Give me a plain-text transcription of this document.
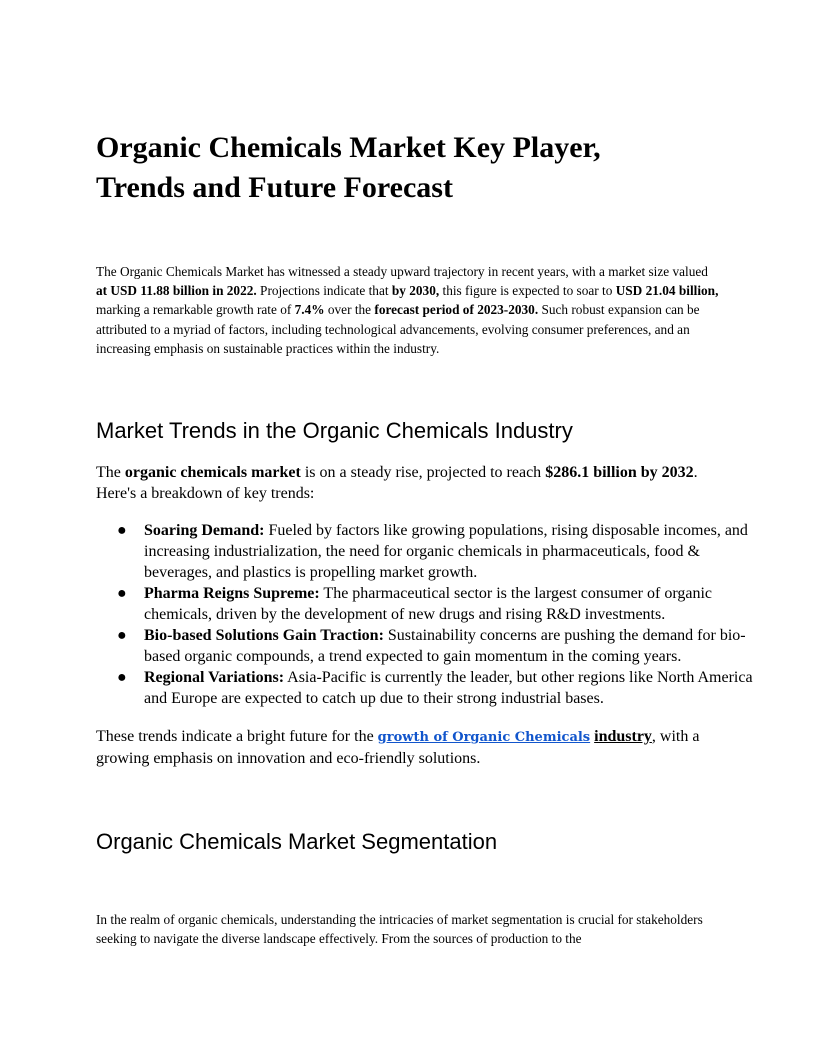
Organic Chemicals Market Key Player,
Trends and Future Forecast

The Organic Chemicals Market has witnessed a steady upward trajectory in recent years, with a market size valued at USD 11.88 billion in 2022. Projections indicate that by 2030, this figure is expected to soar to USD 21.04 billion, marking a remarkable growth rate of 7.4% over the forecast period of 2023-2030. Such robust expansion can be attributed to a myriad of factors, including technological advancements, evolving consumer preferences, and an increasing emphasis on sustainable practices within the industry.

Market Trends in the Organic Chemicals Industry

The organic chemicals market is on a steady rise, projected to reach $286.1 billion by 2032. Here's a breakdown of key trends:

● Soaring Demand: Fueled by factors like growing populations, rising disposable incomes, and increasing industrialization, the need for organic chemicals in pharmaceuticals, food & beverages, and plastics is propelling market growth.
● Pharma Reigns Supreme: The pharmaceutical sector is the largest consumer of organic chemicals, driven by the development of new drugs and rising R&D investments.
● Bio-based Solutions Gain Traction: Sustainability concerns are pushing the demand for bio-based organic compounds, a trend expected to gain momentum in the coming years.
● Regional Variations: Asia-Pacific is currently the leader, but other regions like North America and Europe are expected to catch up due to their strong industrial bases.

These trends indicate a bright future for the growth of Organic Chemicals industry, with a growing emphasis on innovation and eco-friendly solutions.

Organic Chemicals Market Segmentation

In the realm of organic chemicals, understanding the intricacies of market segmentation is crucial for stakeholders seeking to navigate the diverse landscape effectively. From the sources of production to the
